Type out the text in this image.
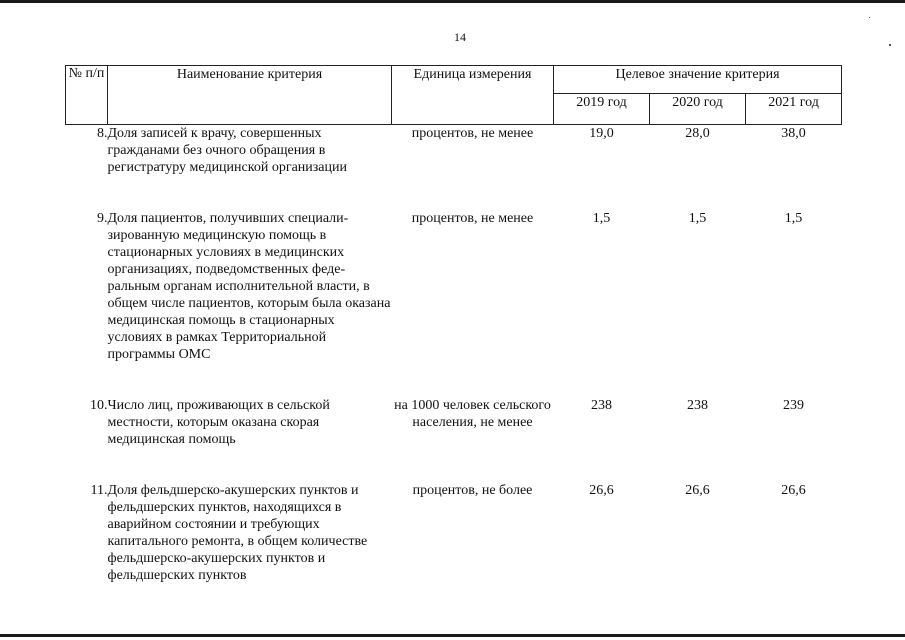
14
№ п/п	Наименование критерия	Единица измерения	Целевое значение критерия		
			2019 год	2020 год	2021 год
8.	Доля записей к врачу, совершенных гражданами без очного обращения в регистратуру медицинской организации	процентов, не менее	19,0	28,0	38,0

9.	Доля пациентов, получивших специали-зированную медицинскую помощь в стационарных условиях в медицинских организациях, подведомственных феде-ральным органам исполнительной власти, в общем числе пациентов, которым была оказана медицинская помощь в стационарных условиях в рамках Территориальной программы ОМС	процентов, не менее	1,5	1,5	1,5

10.	Число лиц, проживающих в сельской местности, которым оказана скорая медицинская помощь	на 1000 человек сельского населения, не менее	238	238	239

11.	Доля фельдшерско-акушерских пунктов и фельдшерских пунктов, находящихся в аварийном состоянии и требующих капитального ремонта, в общем количестве фельдшерско-акушерских пунктов и фельдшерских пунктов	процентов, не более	26,6	26,6	26,6
